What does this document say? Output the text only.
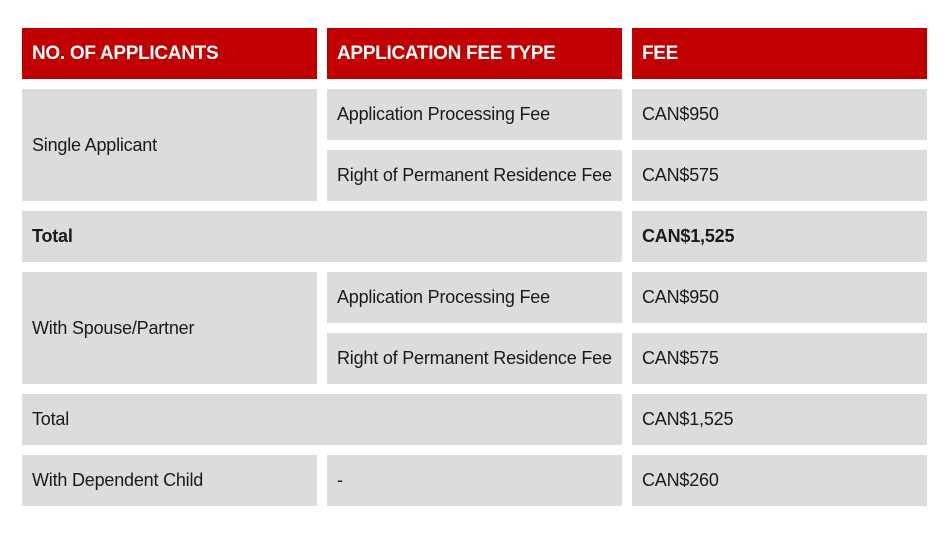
NO. OF APPLICANTS	APPLICATION FEE TYPE	FEE
Single Applicant
Application Processing Fee	CAN$950
Right of Permanent Residence Fee	CAN$575
Total	CAN$1,525
With Spouse/Partner
Application Processing Fee	CAN$950
Right of Permanent Residence Fee	CAN$575
Total	CAN$1,525
With Dependent Child	-	CAN$260
